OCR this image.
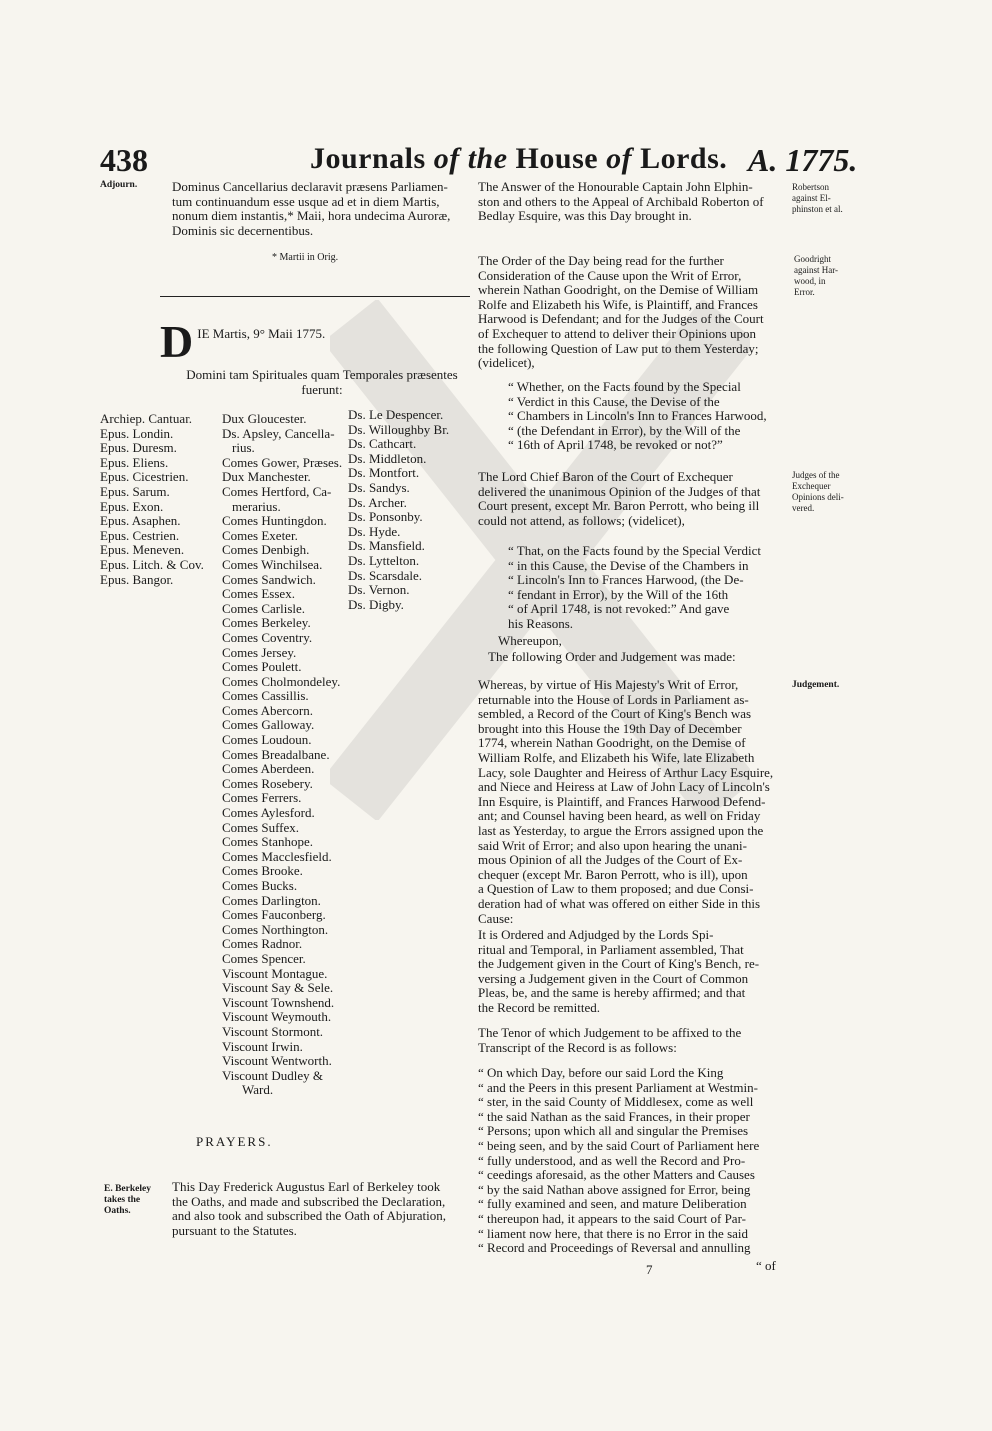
438	Journals of the House of Lords. A. 1775.
Adjourn.	Dominus Cancellarius declaravit præsens Parliamen-
tum continuandum esse usque ad et in diem Martis,
nonum diem instantis,* Maii, hora undecima Auroræ,
Dominis sic decernentibus.
* Martii in Orig.
D IE Martis, 9° Maii 1775.
Domini tam Spirituales quam Temporales præsentes
fuerunt:
Archiep. Cantuar.
Epus. Londin.
Epus. Duresm.
Epus. Eliens.
Epus. Cicestrien.
Epus. Sarum.
Epus. Exon.
Epus. Asaphen.
Epus. Cestrien.
Epus. Meneven.
Epus. Litch. & Cov.
Epus. Bangor.
Dux Gloucester.
Ds. Apsley, Cancella-
rius.
Comes Gower, Præses.
Dux Manchester.
Comes Hertford, Ca-
merarius.
Comes Huntingdon.
Comes Exeter.
Comes Denbigh.
Comes Winchilsea.
Comes Sandwich.
Comes Essex.
Comes Carlisle.
Comes Berkeley.
Comes Coventry.
Comes Jersey.
Comes Poulett.
Comes Cholmondeley.
Comes Cassillis.
Comes Abercorn.
Comes Galloway.
Comes Loudoun.
Comes Breadalbane.
Comes Aberdeen.
Comes Rosebery.
Comes Ferrers.
Comes Aylesford.
Comes Suffex.
Comes Stanhope.
Comes Macclesfield.
Comes Brooke.
Comes Bucks.
Comes Darlington.
Comes Fauconberg.
Comes Northington.
Comes Radnor.
Comes Spencer.
Viscount Montague.
Viscount Say & Sele.
Viscount Townshend.
Viscount Weymouth.
Viscount Stormont.
Viscount Irwin.
Viscount Wentworth.
Viscount Dudley &
Ward.
Ds. Le Despencer.
Ds. Willoughby Br.
Ds. Cathcart.
Ds. Middleton.
Ds. Montfort.
Ds. Sandys.
Ds. Archer.
Ds. Ponsonby.
Ds. Hyde.
Ds. Mansfield.
Ds. Lyttelton.
Ds. Scarsdale.
Ds. Vernon.
Ds. Digby.
PRAYERS.
E. Berkeley
takes the
Oaths.
This Day Frederick Augustus Earl of Berkeley took
the Oaths, and made and subscribed the Declaration,
and also took and subscribed the Oath of Abjuration,
pursuant to the Statutes.
The Answer of the Honourable Captain John Elphin-
ston and others to the Appeal of Archibald Roberton of
Bedlay Esquire, was this Day brought in.
Robertson
against El-
phinston et al.
The Order of the Day being read for the further
Consideration of the Cause upon the Writ of Error,
wherein Nathan Goodright, on the Demise of William
Rolfe and Elizabeth his Wife, is Plaintiff, and Frances
Harwood is Defendant; and for the Judges of the Court
of Exchequer to attend to deliver their Opinions upon
the following Question of Law put to them Yesterday;
(videlicet),
Goodright
against Har-
wood, in
Error.
“ Whether, on the Facts found by the Special
“ Verdict in this Cause, the Devise of the
“ Chambers in Lincoln's Inn to Frances Harwood,
“ (the Defendant in Error), by the Will of the
“ 16th of April 1748, be revoked or not?”
The Lord Chief Baron of the Court of Exchequer
delivered the unanimous Opinion of the Judges of that
Court present, except Mr. Baron Perrott, who being ill
could not attend, as follows; (videlicet),
Judges of the
Exchequer
Opinions deli-
vered.
“ That, on the Facts found by the Special Verdict
“ in this Cause, the Devise of the Chambers in
“ Lincoln's Inn to Frances Harwood, (the De-
“ fendant in Error), by the Will of the 16th
“ of April 1748, is not revoked:” And gave
his Reasons.
Whereupon,
The following Order and Judgement was made:
Judgement.
Whereas, by virtue of His Majesty's Writ of Error,
returnable into the House of Lords in Parliament as-
sembled, a Record of the Court of King's Bench was
brought into this House the 19th Day of December
1774, wherein Nathan Goodright, on the Demise of
William Rolfe, and Elizabeth his Wife, late Elizabeth
Lacy, sole Daughter and Heiress of Arthur Lacy Esquire,
and Niece and Heiress at Law of John Lacy of Lincoln's
Inn Esquire, is Plaintiff, and Frances Harwood Defend-
ant; and Counsel having been heard, as well on Friday
last as Yesterday, to argue the Errors assigned upon the
said Writ of Error; and also upon hearing the unani-
mous Opinion of all the Judges of the Court of Ex-
chequer (except Mr. Baron Perrott, who is ill), upon
a Question of Law to them proposed; and due Consi-
deration had of what was offered on either Side in this
Cause:
It is Ordered and Adjudged by the Lords Spi-
ritual and Temporal, in Parliament assembled, That
the Judgement given in the Court of King's Bench, re-
versing a Judgement given in the Court of Common
Pleas, be, and the same is hereby affirmed; and that
the Record be remitted.
The Tenor of which Judgement to be affixed to the
Transcript of the Record is as follows:
“ On which Day, before our said Lord the King
“ and the Peers in this present Parliament at Westmin-
“ ster, in the said County of Middlesex, come as well
“ the said Nathan as the said Frances, in their proper
“ Persons; upon which all and singular the Premises
“ being seen, and by the said Court of Parliament here
“ fully understood, and as well the Record and Pro-
“ ceedings aforesaid, as the other Matters and Causes
“ by the said Nathan above assigned for Error, being
“ fully examined and seen, and mature Deliberation
“ thereupon had, it appears to the said Court of Par-
“ liament now here, that there is no Error in the said
“ Record and Proceedings of Reversal and annulling
7	“ of
